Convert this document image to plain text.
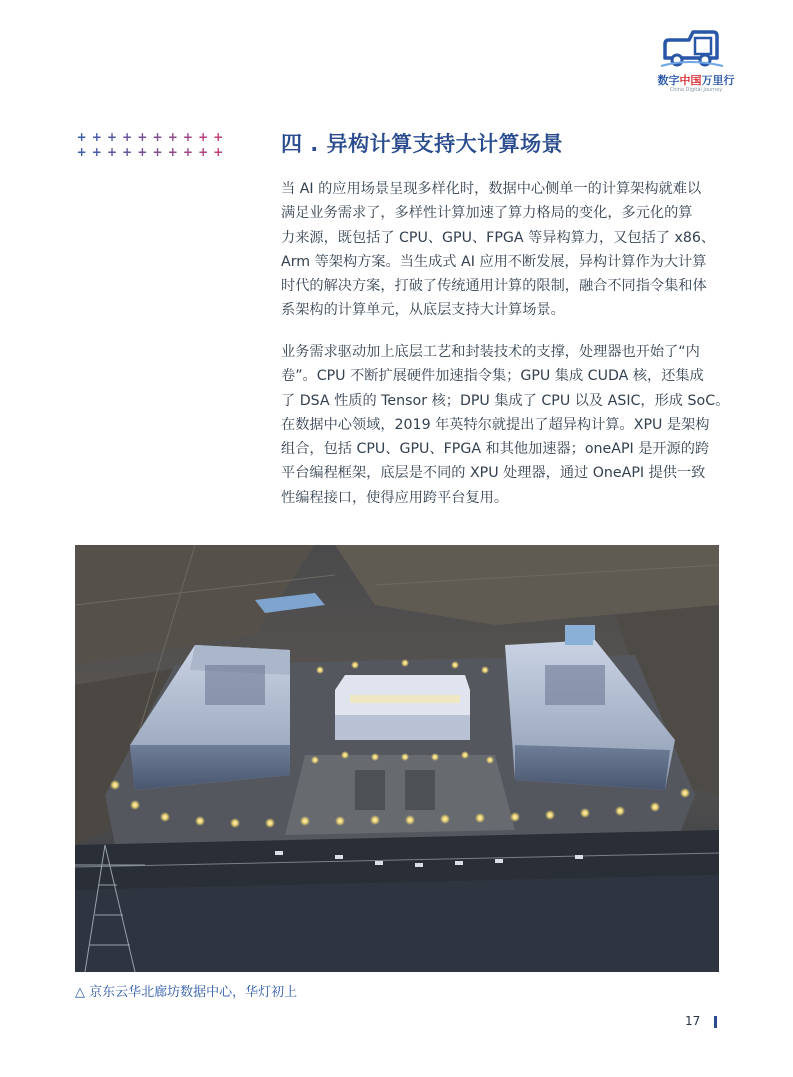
数字中国万里行
China Digital Journey
+ + + + + + + + + +
+ + + + + + + + + +	四 . 异构计算支持大计算场景
当 AI 的应用场景呈现多样化时，数据中心侧单一的计算架构就难以
满足业务需求了，多样性计算加速了算力格局的变化，多元化的算
力来源，既包括了 CPU、GPU、FPGA 等异构算力，又包括了 x86、
Arm 等架构方案。当生成式 AI 应用不断发展，异构计算作为大计算
时代的解决方案，打破了传统通用计算的限制，融合不同指令集和体
系架构的计算单元，从底层支持大计算场景。
业务需求驱动加上底层工艺和封装技术的支撑，处理器也开始了“内
卷”。CPU 不断扩展硬件加速指令集；GPU 集成 CUDA 核，还集成
了 DSA 性质的 Tensor 核；DPU 集成了 CPU 以及 ASIC，形成 SoC。
在数据中心领域，2019 年英特尔就提出了超异构计算。XPU 是架构
组合，包括 CPU、GPU、FPGA 和其他加速器；oneAPI 是开源的跨
平台编程框架，底层是不同的 XPU 处理器，通过 OneAPI 提供一致
性编程接口，使得应用跨平台复用。
△ 京东云华北廊坊数据中心，华灯初上
17
